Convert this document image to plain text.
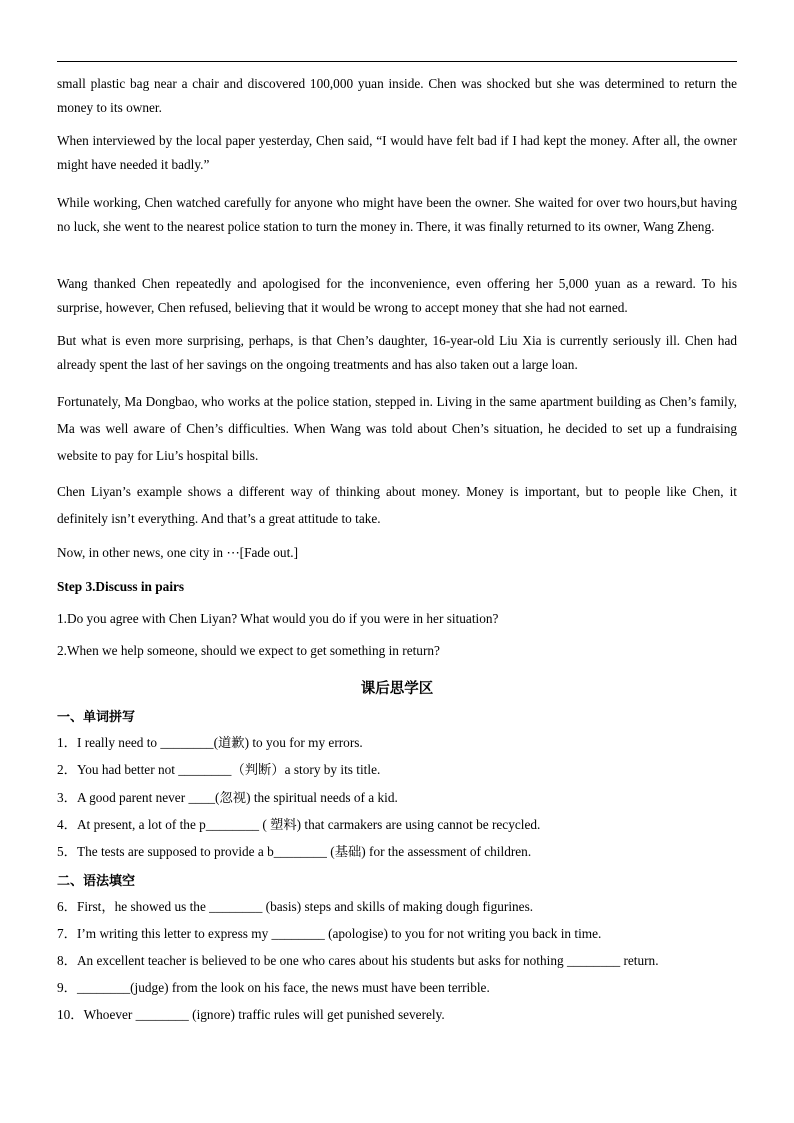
small plastic bag near a chair and discovered 100,000 yuan inside. Chen was shocked but she was determined to return the money to its owner.
When interviewed by the local paper yesterday, Chen said, “I would have felt bad if I had kept the money. After all, the owner might have needed it badly.”
While working, Chen watched carefully for anyone who might have been the owner. She waited for over two hours,but having no luck, she went to the nearest police station to turn the money in. There, it was finally returned to its owner, Wang Zheng.
Wang thanked Chen repeatedly and apologised for the inconvenience, even offering her 5,000 yuan as a reward. To his surprise, however, Chen refused, believing that it would be wrong to accept money that she had not earned.
But what is even more surprising, perhaps, is that Chen’s daughter, 16-year-old Liu Xia is currently seriously ill. Chen had already spent the last of her savings on the ongoing treatments and has also taken out a large loan.
Fortunately, Ma Dongbao, who works at the police station, stepped in. Living in the same apartment building as Chen’s family, Ma was well aware of Chen’s difficulties. When Wang was told about Chen’s situation, he decided to set up a fundraising website to pay for Liu’s hospital bills.
Chen Liyan’s example shows a different way of thinking about money. Money is important, but to people like Chen, it definitely isn’t everything. And that’s a great attitude to take.
Now, in other news, one city in ⋯[Fade out.]
Step 3.Discuss in pairs
1.Do you agree with Chen Liyan? What would you do if you were in her situation?
2.When we help someone, should we expect to get something in return?
课后思学区
一、单词拼写
1．I really need to ________(道歉) to you for my errors.
2．You had better not ________（判断）a story by its title.
3．A good parent never ____(忽视) the spiritual needs of a kid.
4．At present, a lot of the p________ ( 塑料) that carmakers are using cannot be recycled.
5．The tests are supposed to provide a b________ (基础) for the assessment of children.
二、语法填空
6．First，he showed us the ________ (basis) steps and skills of making dough figurines.
7．I’m writing this letter to express my ________ (apologise) to you for not writing you back in time.
8．An excellent teacher is believed to be one who cares about his students but asks for nothing ________ return.
9．________(judge) from the look on his face, the news must have been terrible.
10．Whoever ________ (ignore) traffic rules will get punished severely.
